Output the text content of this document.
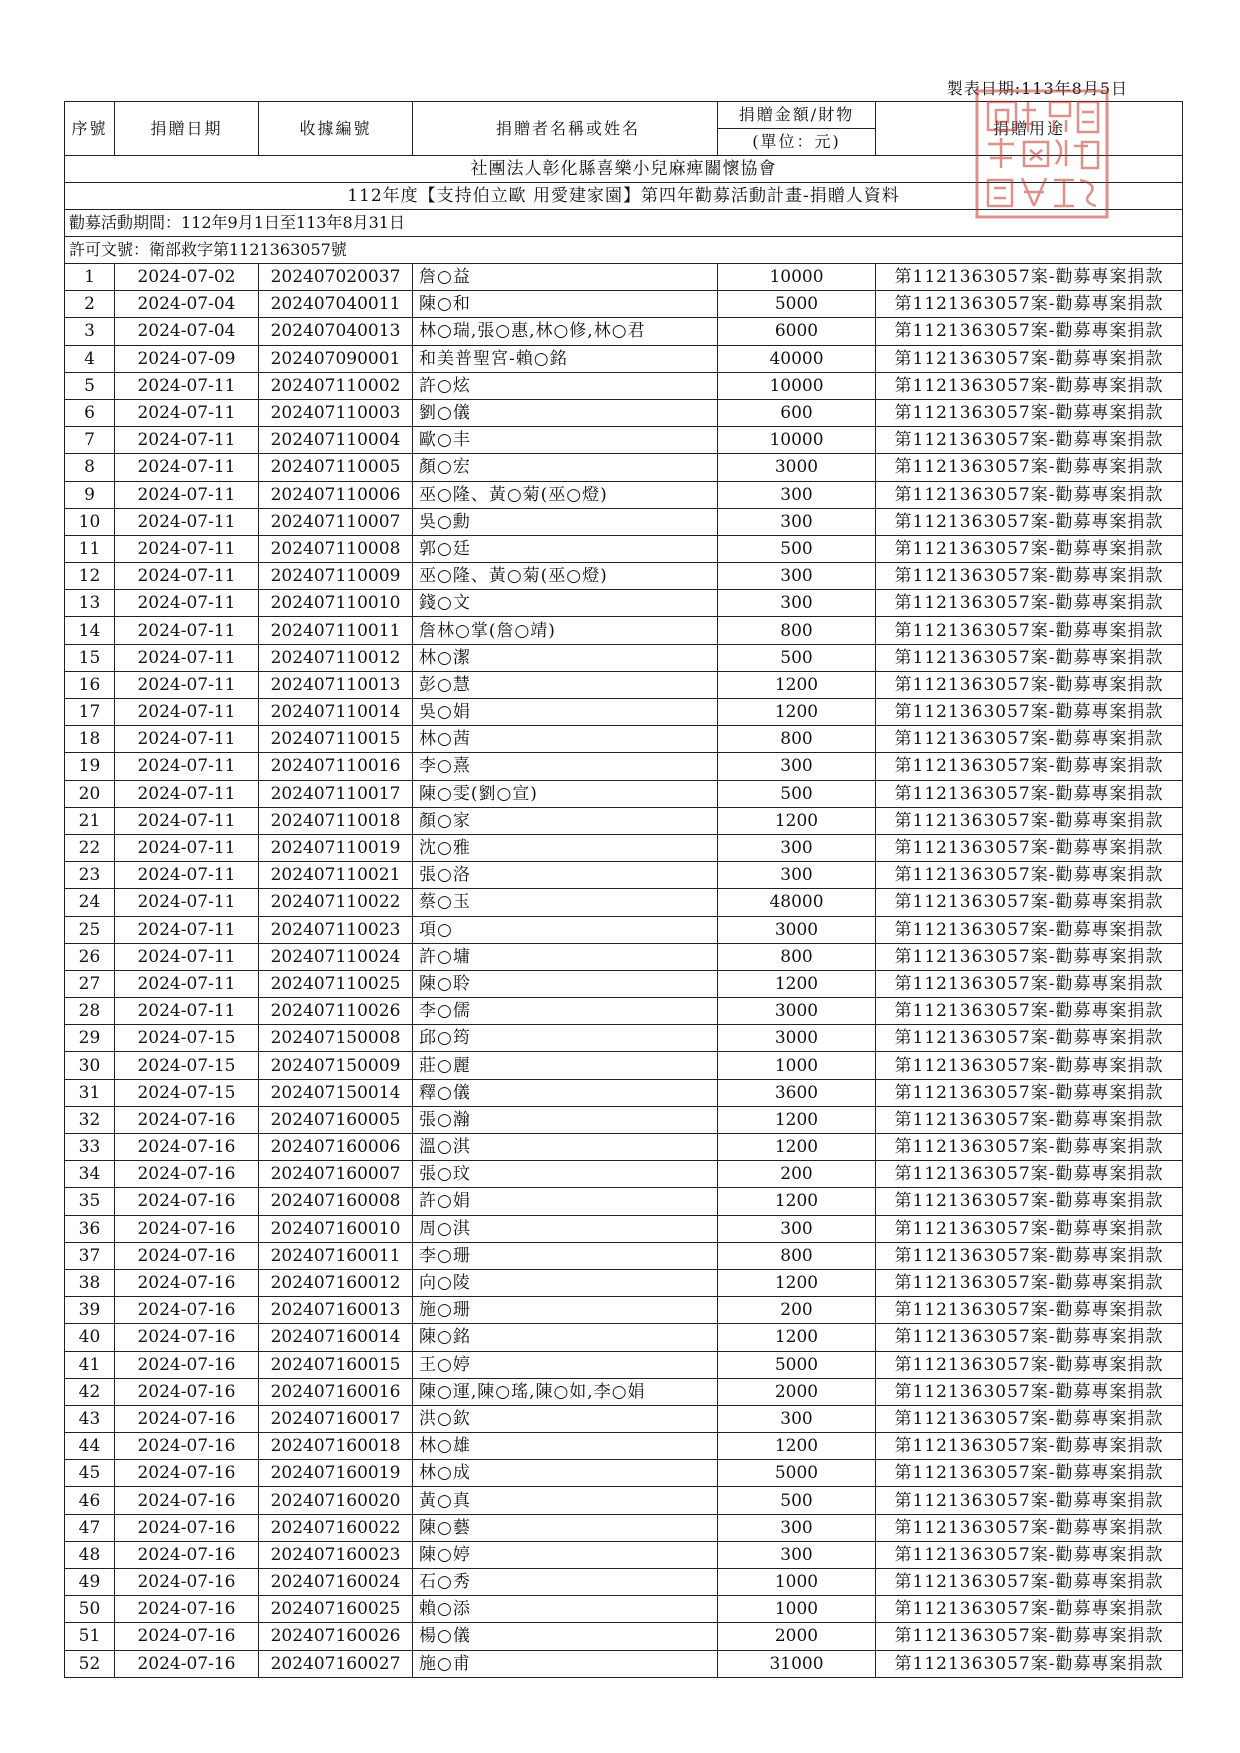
製表日期:113年8月5日
社團法人彰化縣喜樂小兒麻痺關懷協會					
112年度【支持伯立歐 用愛建家園】第四年勸募活動計畫-捐贈人資料					
勸募活動期間：112年9月1日至113年8月31日					
許可文號：衛部救字第1121363057號					
序號	捐贈日期	收據編號	捐贈者名稱或姓名	捐贈金額/財物	捐贈用途
				(單位：元)	
1	2024-07-02	202407020037	詹○益	10000	第1121363057案-勸募專案捐款
2	2024-07-04	202407040011	陳○和	5000	第1121363057案-勸募專案捐款
3	2024-07-04	202407040013	林○瑞,張○惠,林○修,林○君	6000	第1121363057案-勸募專案捐款
4	2024-07-09	202407090001	和美普聖宮-賴○銘	40000	第1121363057案-勸募專案捐款
5	2024-07-11	202407110002	許○炫	10000	第1121363057案-勸募專案捐款
6	2024-07-11	202407110003	劉○儀	600	第1121363057案-勸募專案捐款
7	2024-07-11	202407110004	歐○丰	10000	第1121363057案-勸募專案捐款
8	2024-07-11	202407110005	顏○宏	3000	第1121363057案-勸募專案捐款
9	2024-07-11	202407110006	巫○隆、黃○菊(巫○燈)	300	第1121363057案-勸募專案捐款
10	2024-07-11	202407110007	吳○勳	300	第1121363057案-勸募專案捐款
11	2024-07-11	202407110008	郭○廷	500	第1121363057案-勸募專案捐款
12	2024-07-11	202407110009	巫○隆、黃○菊(巫○燈)	300	第1121363057案-勸募專案捐款
13	2024-07-11	202407110010	錢○文	300	第1121363057案-勸募專案捐款
14	2024-07-11	202407110011	詹林○掌(詹○靖)	800	第1121363057案-勸募專案捐款
15	2024-07-11	202407110012	林○潔	500	第1121363057案-勸募專案捐款
16	2024-07-11	202407110013	彭○慧	1200	第1121363057案-勸募專案捐款
17	2024-07-11	202407110014	吳○娟	1200	第1121363057案-勸募專案捐款
18	2024-07-11	202407110015	林○茜	800	第1121363057案-勸募專案捐款
19	2024-07-11	202407110016	李○熹	300	第1121363057案-勸募專案捐款
20	2024-07-11	202407110017	陳○雯(劉○宣)	500	第1121363057案-勸募專案捐款
21	2024-07-11	202407110018	顏○家	1200	第1121363057案-勸募專案捐款
22	2024-07-11	202407110019	沈○雅	300	第1121363057案-勸募專案捐款
23	2024-07-11	202407110021	張○洛	300	第1121363057案-勸募專案捐款
24	2024-07-11	202407110022	蔡○玉	48000	第1121363057案-勸募專案捐款
25	2024-07-11	202407110023	項○	3000	第1121363057案-勸募專案捐款
26	2024-07-11	202407110024	許○墉	800	第1121363057案-勸募專案捐款
27	2024-07-11	202407110025	陳○聆	1200	第1121363057案-勸募專案捐款
28	2024-07-11	202407110026	李○儒	3000	第1121363057案-勸募專案捐款
29	2024-07-15	202407150008	邱○筠	3000	第1121363057案-勸募專案捐款
30	2024-07-15	202407150009	莊○麗	1000	第1121363057案-勸募專案捐款
31	2024-07-15	202407150014	釋○儀	3600	第1121363057案-勸募專案捐款
32	2024-07-16	202407160005	張○瀚	1200	第1121363057案-勸募專案捐款
33	2024-07-16	202407160006	溫○淇	1200	第1121363057案-勸募專案捐款
34	2024-07-16	202407160007	張○玟	200	第1121363057案-勸募專案捐款
35	2024-07-16	202407160008	許○娟	1200	第1121363057案-勸募專案捐款
36	2024-07-16	202407160010	周○淇	300	第1121363057案-勸募專案捐款
37	2024-07-16	202407160011	李○珊	800	第1121363057案-勸募專案捐款
38	2024-07-16	202407160012	向○陵	1200	第1121363057案-勸募專案捐款
39	2024-07-16	202407160013	施○珊	200	第1121363057案-勸募專案捐款
40	2024-07-16	202407160014	陳○銘	1200	第1121363057案-勸募專案捐款
41	2024-07-16	202407160015	王○婷	5000	第1121363057案-勸募專案捐款
42	2024-07-16	202407160016	陳○運,陳○瑤,陳○如,李○娟	2000	第1121363057案-勸募專案捐款
43	2024-07-16	202407160017	洪○欽	300	第1121363057案-勸募專案捐款
44	2024-07-16	202407160018	林○雄	1200	第1121363057案-勸募專案捐款
45	2024-07-16	202407160019	林○成	5000	第1121363057案-勸募專案捐款
46	2024-07-16	202407160020	黃○真	500	第1121363057案-勸募專案捐款
47	2024-07-16	202407160022	陳○藝	300	第1121363057案-勸募專案捐款
48	2024-07-16	202407160023	陳○婷	300	第1121363057案-勸募專案捐款
49	2024-07-16	202407160024	石○秀	1000	第1121363057案-勸募專案捐款
50	2024-07-16	202407160025	賴○添	1000	第1121363057案-勸募專案捐款
51	2024-07-16	202407160026	楊○儀	2000	第1121363057案-勸募專案捐款
52	2024-07-16	202407160027	施○甫	31000	第1121363057案-勸募專案捐款
